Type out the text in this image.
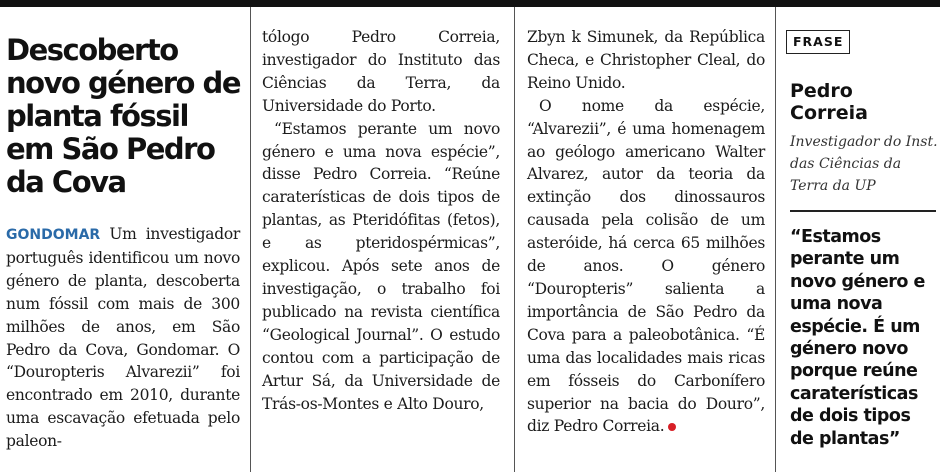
Descoberto novo género de planta fóssil em São Pedro da Cova

GONDOMAR Um investigador português identificou um novo género de planta, descoberta num fóssil com mais de 300 milhões de anos, em São Pedro da Cova, Gondomar. O “Douropteris Alvarezii” foi encontrado em 2010, durante uma escavação efetuada pelo paleon-

tólogo Pedro Correia, investigador do Instituto das Ciências da Terra, da Universidade do Porto.

“Estamos perante um novo género e uma nova espécie”, disse Pedro Correia. “Reúne caraterísticas de dois tipos de plantas, as Pteridófitas (fetos), e as pteridospérmicas”, explicou. Após sete anos de investigação, o trabalho foi publicado na revista científica “Geological Journal”. O estudo contou com a participação de Artur Sá, da Universidade de Trás-os-Montes e Alto Douro,

Zbyn k Simunek, da República Checa, e Christopher Cleal, do Reino Unido.

O nome da espécie, “Alvarezii”, é uma homenagem ao geólogo americano Walter Alvarez, autor da teoria da extinção dos dinossauros causada pela colisão de um asteróide, há cerca 65 milhões de anos. O género “Douropteris” salienta a importância de São Pedro da Cova para a paleobotânica. “É uma das localidades mais ricas em fósseis do Carbonífero superior na bacia do Douro”, diz Pedro Correia.

FRASE
Pedro Correia
Investigador do Inst. das Ciências da Terra da UP
“Estamos perante um novo género e uma nova espécie. É um género novo porque reúne caraterísticas de dois tipos de plantas”
